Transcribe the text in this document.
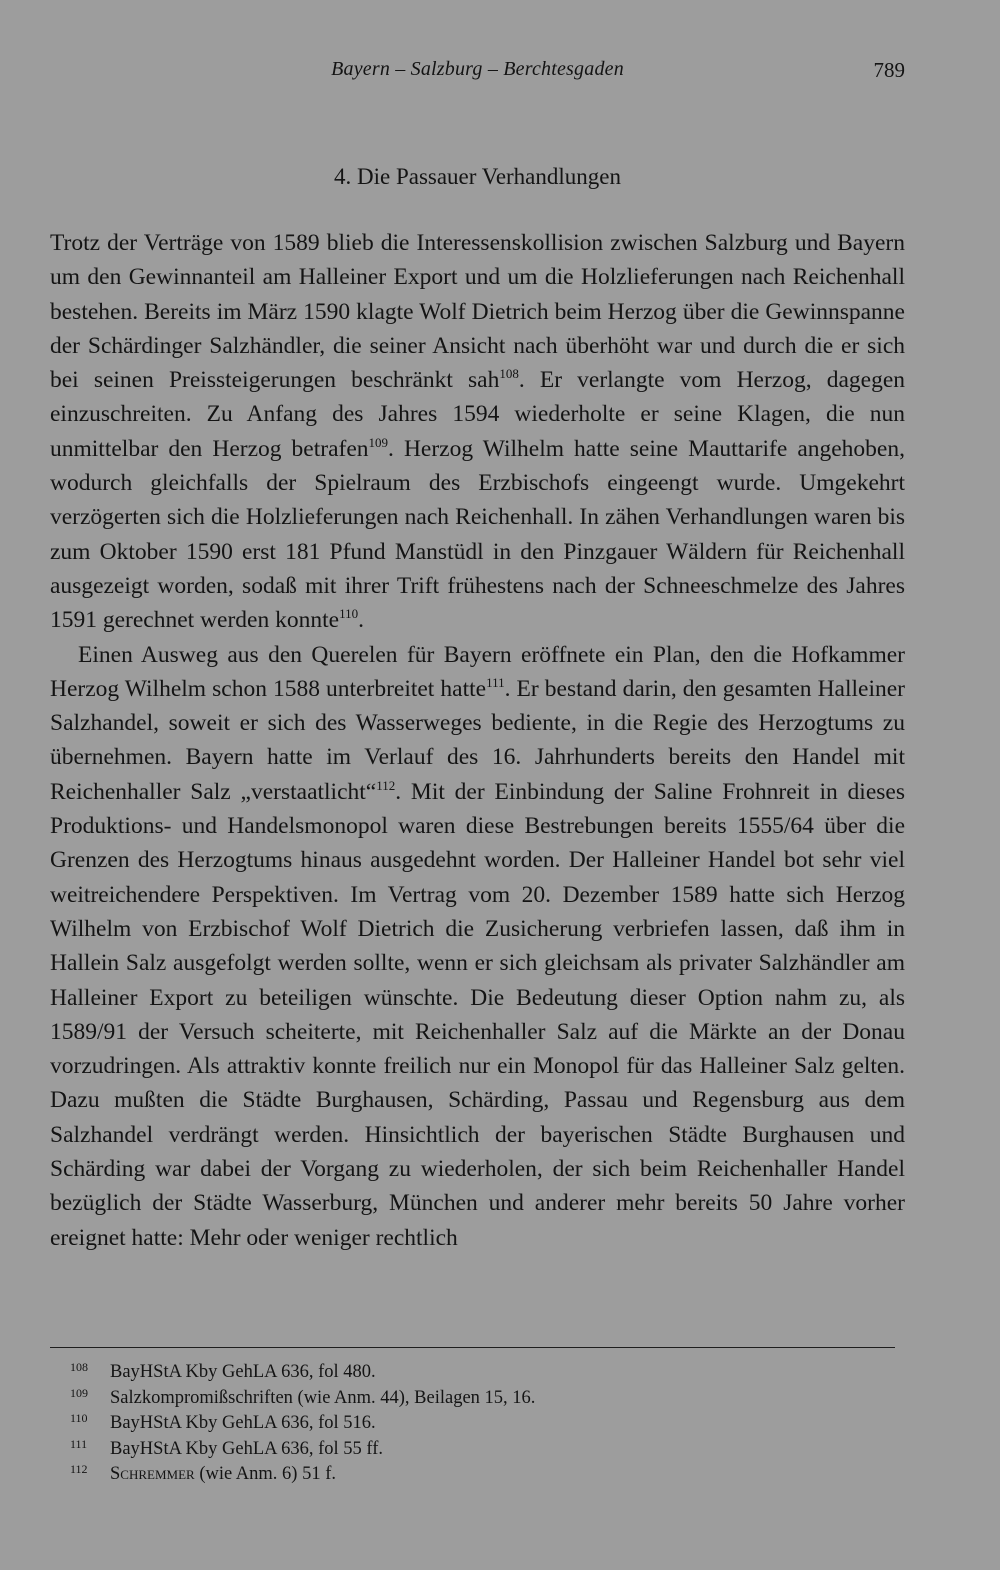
Bayern – Salzburg – Berchtesgaden	789
4. Die Passauer Verhandlungen

Trotz der Verträge von 1589 blieb die Interessenskollision zwischen Salzburg und Bayern um den Gewinnanteil am Halleiner Export und um die Holzlieferungen nach Reichenhall bestehen. Bereits im März 1590 klagte Wolf Dietrich beim Herzog über die Gewinnspanne der Schärdinger Salzhändler, die seiner Ansicht nach überhöht war und durch die er sich bei seinen Preissteigerungen beschränkt sah$^{108}$. Er verlangte vom Herzog, dagegen einzuschreiten. Zu Anfang des Jahres 1594 wiederholte er seine Klagen, die nun unmittelbar den Herzog betrafen$^{109}$. Herzog Wilhelm hatte seine Mauttarife angehoben, wodurch gleichfalls der Spielraum des Erzbischofs eingeengt wurde. Umgekehrt verzögerten sich die Holzlieferungen nach Reichenhall. In zähen Verhandlungen waren bis zum Oktober 1590 erst 181 Pfund Manstüdl in den Pinzgauer Wäldern für Reichenhall ausgezeigt worden, sodaß mit ihrer Trift frühestens nach der Schneeschmelze des Jahres 1591 gerechnet werden konnte$^{110}$.

Einen Ausweg aus den Querelen für Bayern eröffnete ein Plan, den die Hofkammer Herzog Wilhelm schon 1588 unterbreitet hatte$^{111}$. Er bestand darin, den gesamten Halleiner Salzhandel, soweit er sich des Wasserweges bediente, in die Regie des Herzogtums zu übernehmen. Bayern hatte im Verlauf des 16. Jahrhunderts bereits den Handel mit Reichenhaller Salz „verstaatlicht“$^{112}$. Mit der Einbindung der Saline Frohnreit in dieses Produktions- und Handelsmonopol waren diese Bestrebungen bereits 1555/64 über die Grenzen des Herzogtums hinaus ausgedehnt worden. Der Halleiner Handel bot sehr viel weitreichendere Perspektiven. Im Vertrag vom 20. Dezember 1589 hatte sich Herzog Wilhelm von Erzbischof Wolf Dietrich die Zusicherung verbriefen lassen, daß ihm in Hallein Salz ausgefolgt werden sollte, wenn er sich gleichsam als privater Salzhändler am Halleiner Export zu beteiligen wünschte. Die Bedeutung dieser Option nahm zu, als 1589/91 der Versuch scheiterte, mit Reichenhaller Salz auf die Märkte an der Donau vorzudringen. Als attraktiv konnte freilich nur ein Monopol für das Halleiner Salz gelten. Dazu mußten die Städte Burghausen, Schärding, Passau und Regensburg aus dem Salzhandel verdrängt werden. Hinsichtlich der bayerischen Städte Burghausen und Schärding war dabei der Vorgang zu wiederholen, der sich beim Reichenhaller Handel bezüglich der Städte Wasserburg, München und anderer mehr bereits 50 Jahre vorher ereignet hatte: Mehr oder weniger rechtlich

108	BayHStA Kby GehLA 636, fol 480.
109	Salzkompromißschriften (wie Anm. 44), Beilagen 15, 16.
110	BayHStA Kby GehLA 636, fol 516.
111	BayHStA Kby GehLA 636, fol 55 ff.
112	Schremmer (wie Anm. 6) 51 f.
